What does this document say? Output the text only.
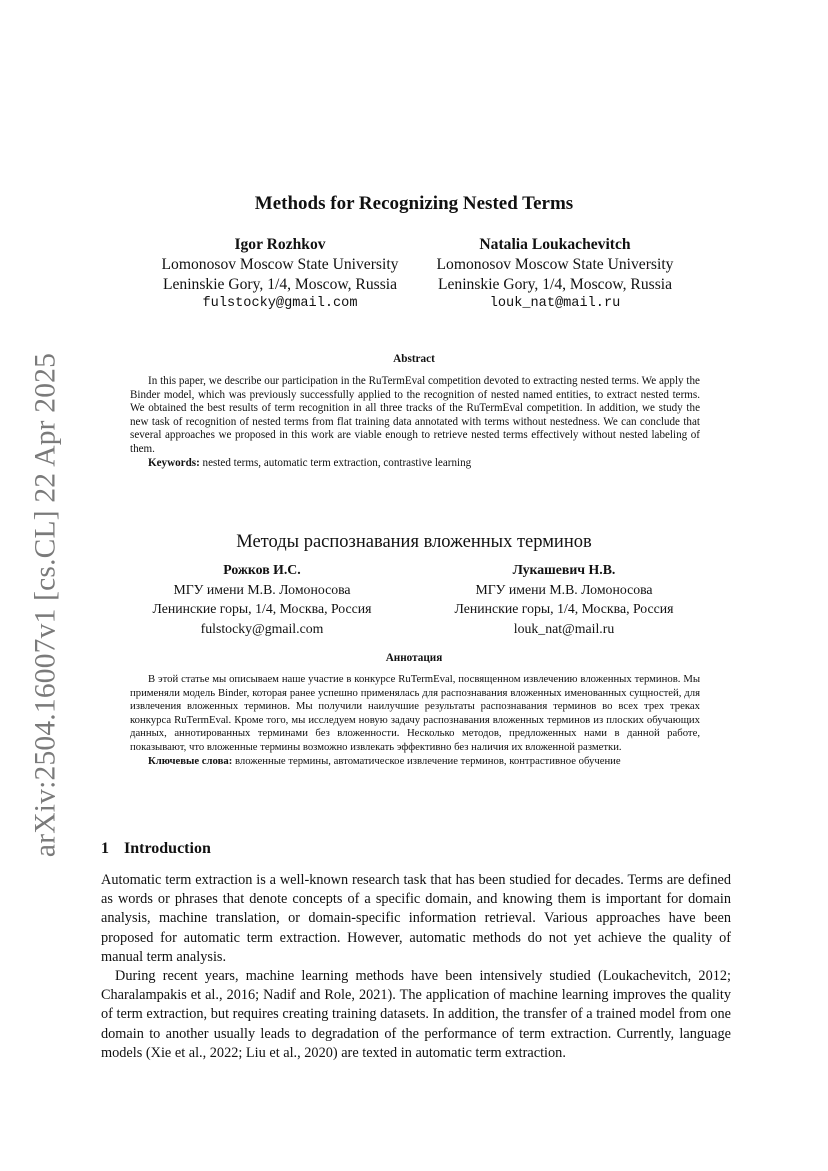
arXiv:2504.16007v1 [cs.CL] 22 Apr 2025
Methods for Recognizing Nested Terms
Igor Rozhkov
Lomonosov Moscow State University
Leninskie Gory, 1/4, Moscow, Russia
fulstocky@gmail.com
Natalia Loukachevitch
Lomonosov Moscow State University
Leninskie Gory, 1/4, Moscow, Russia
louk_nat@mail.ru
Abstract

In this paper, we describe our participation in the RuTermEval competition devoted to extracting nested terms. We apply the Binder model, which was previously successfully applied to the recognition of nested named entities, to extract nested terms. We obtained the best results of term recognition in all three tracks of the RuTermEval competition. In addition, we study the new task of recognition of nested terms from flat training data annotated with terms without nestedness. We can conclude that several approaches we proposed in this work are viable enough to retrieve nested terms effectively without nested labeling of them.

Keywords: nested terms, automatic term extraction, contrastive learning

Методы распознавания вложенных терминов
Рожков И.С.
МГУ имени М.В. Ломоносова
Ленинские горы, 1/4, Москва, Россия
fulstocky@gmail.com
Лукашевич Н.В.
МГУ имени М.В. Ломоносова
Ленинские горы, 1/4, Москва, Россия
louk_nat@mail.ru
Аннотация

В этой статье мы описываем наше участие в конкурсе RuTermEval, посвященном извлечению вложенных терминов. Мы применяли модель Binder, которая ранее успешно применялась для распознавания вложенных именованных сущностей, для извлечения вложенных терминов. Мы получили наилучшие результаты распознавания терминов во всех трех треках конкурса RuTermEval. Кроме того, мы исследуем новую задачу распознавания вложенных терминов из плоских обучающих данных, аннотированных терминами без вложенности. Несколько методов, предложенных нами в данной работе, показывают, что вложенные термины возможно извлекать эффективно без наличия их вложенной разметки.

Ключевые слова: вложенные термины, автоматическое извлечение терминов, контрастивное обучение

1 Introduction

Automatic term extraction is a well-known research task that has been studied for decades. Terms are defined as words or phrases that denote concepts of a specific domain, and knowing them is important for domain analysis, machine translation, or domain-specific information retrieval. Various approaches have been proposed for automatic term extraction. However, automatic methods do not yet achieve the quality of manual term analysis.

During recent years, machine learning methods have been intensively studied (Loukachevitch, 2012; Charalampakis et al., 2016; Nadif and Role, 2021). The application of machine learning improves the quality of term extraction, but requires creating training datasets. In addition, the transfer of a trained model from one domain to another usually leads to degradation of the performance of term extraction. Currently, language models (Xie et al., 2022; Liu et al., 2020) are texted in automatic term extraction.
